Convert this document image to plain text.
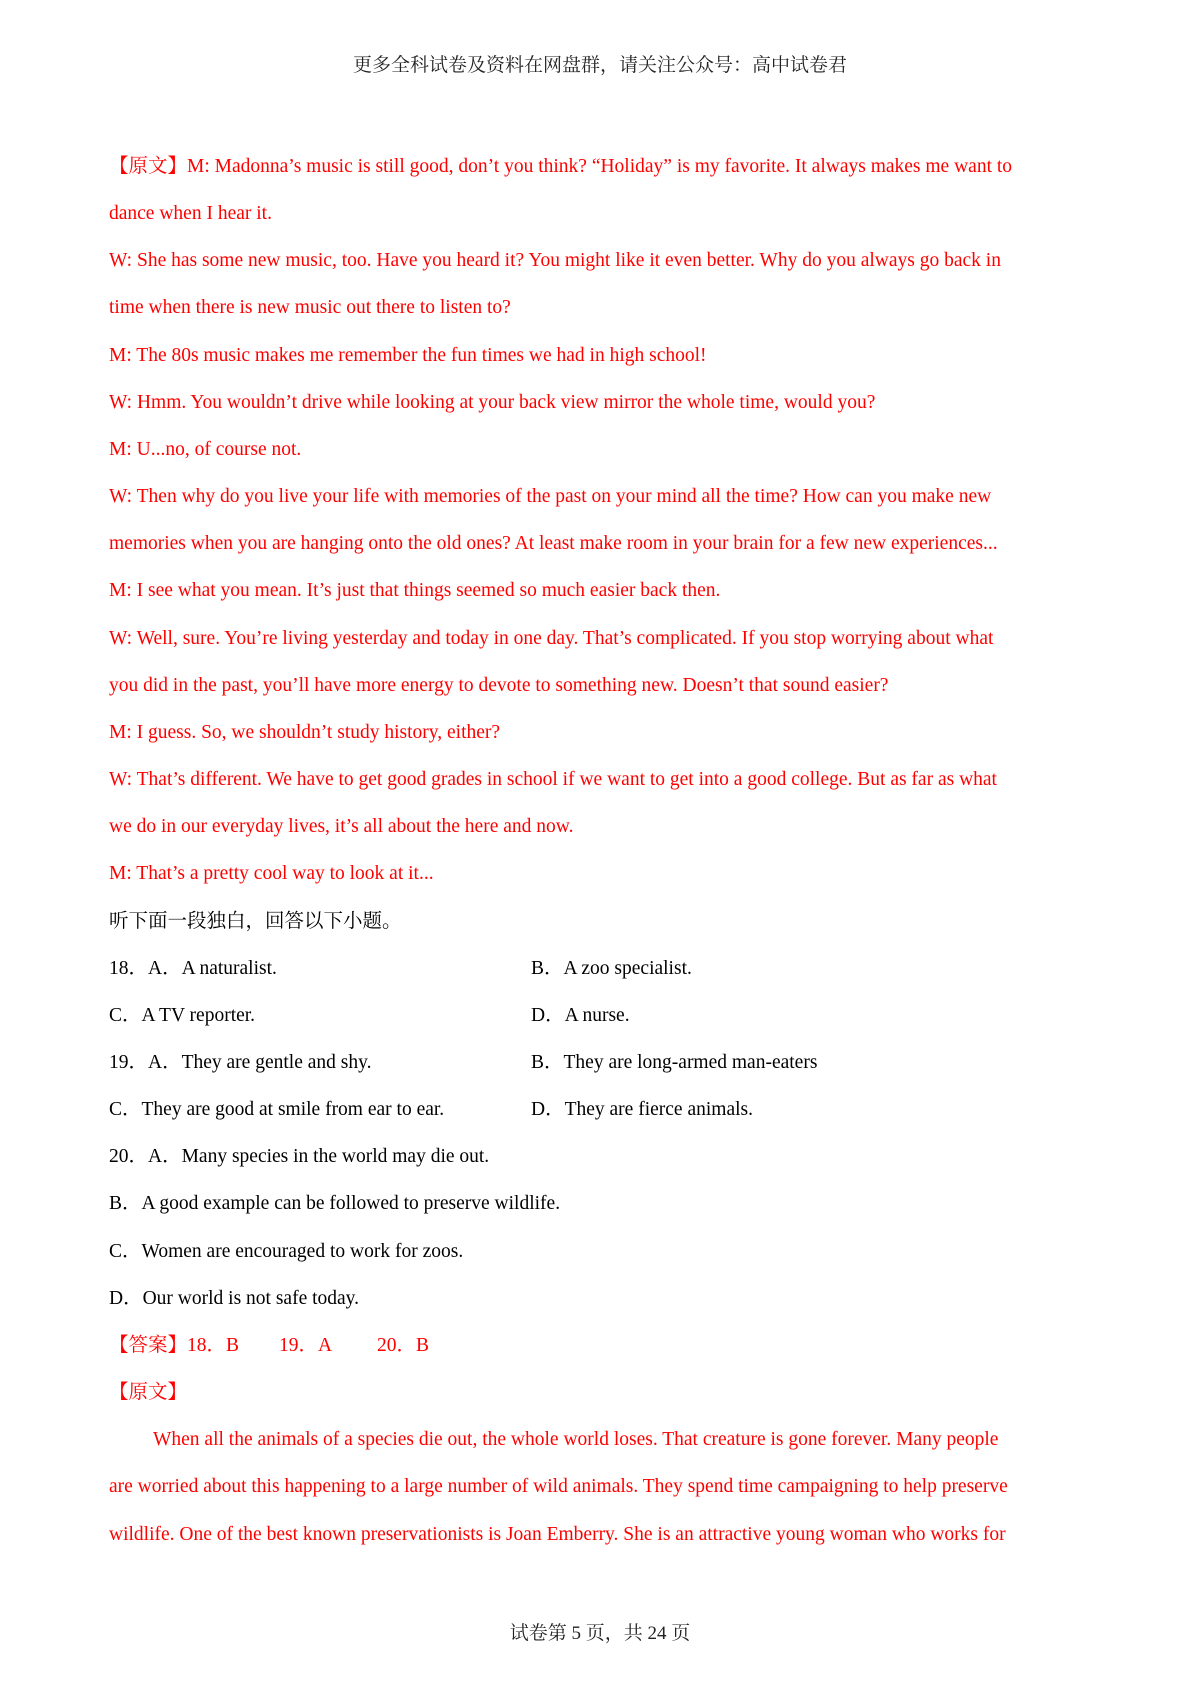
更多全科试卷及资料在网盘群，请关注公众号：高中试卷君
【原文】M: Madonna’s music is still good, don’t you think? “Holiday” is my favorite. It always makes me want to
dance when I hear it.
W: She has some new music, too. Have you heard it? You might like it even better. Why do you always go back in
time when there is new music out there to listen to?
M: The 80s music makes me remember the fun times we had in high school!
W: Hmm. You wouldn’t drive while looking at your back view mirror the whole time, would you?
M: U...no, of course not.
W: Then why do you live your life with memories of the past on your mind all the time? How can you make new
memories when you are hanging onto the old ones? At least make room in your brain for a few new experiences...
M: I see what you mean. It’s just that things seemed so much easier back then.
W: Well, sure. You’re living yesterday and today in one day. That’s complicated. If you stop worrying about what
you did in the past, you’ll have more energy to devote to something new. Doesn’t that sound easier?
M: I guess. So, we shouldn’t study history, either?
W: That’s different. We have to get good grades in school if we want to get into a good college. But as far as what
we do in our everyday lives, it’s all about the here and now.
M: That’s a pretty cool way to look at it...
听下面一段独白，回答以下小题。
18．A．A naturalist.	B．A zoo specialist.
C．A TV reporter.	D．A nurse.
19．A．They are gentle and shy.	B．They are long-armed man-eaters
C．They are good at smile from ear to ear.	D．They are fierce animals.
20．A．Many species in the world may die out.
B．A good example can be followed to preserve wildlife.
C．Women are encouraged to work for zoos.
D．Our world is not safe today.
【答案】18．B 19．A 20．B
【原文】
When all the animals of a species die out, the whole world loses. That creature is gone forever. Many people
are worried about this happening to a large number of wild animals. They spend time campaigning to help preserve
wildlife. One of the best known preservationists is Joan Emberry. She is an attractive young woman who works for
试卷第 5 页，共 24 页
